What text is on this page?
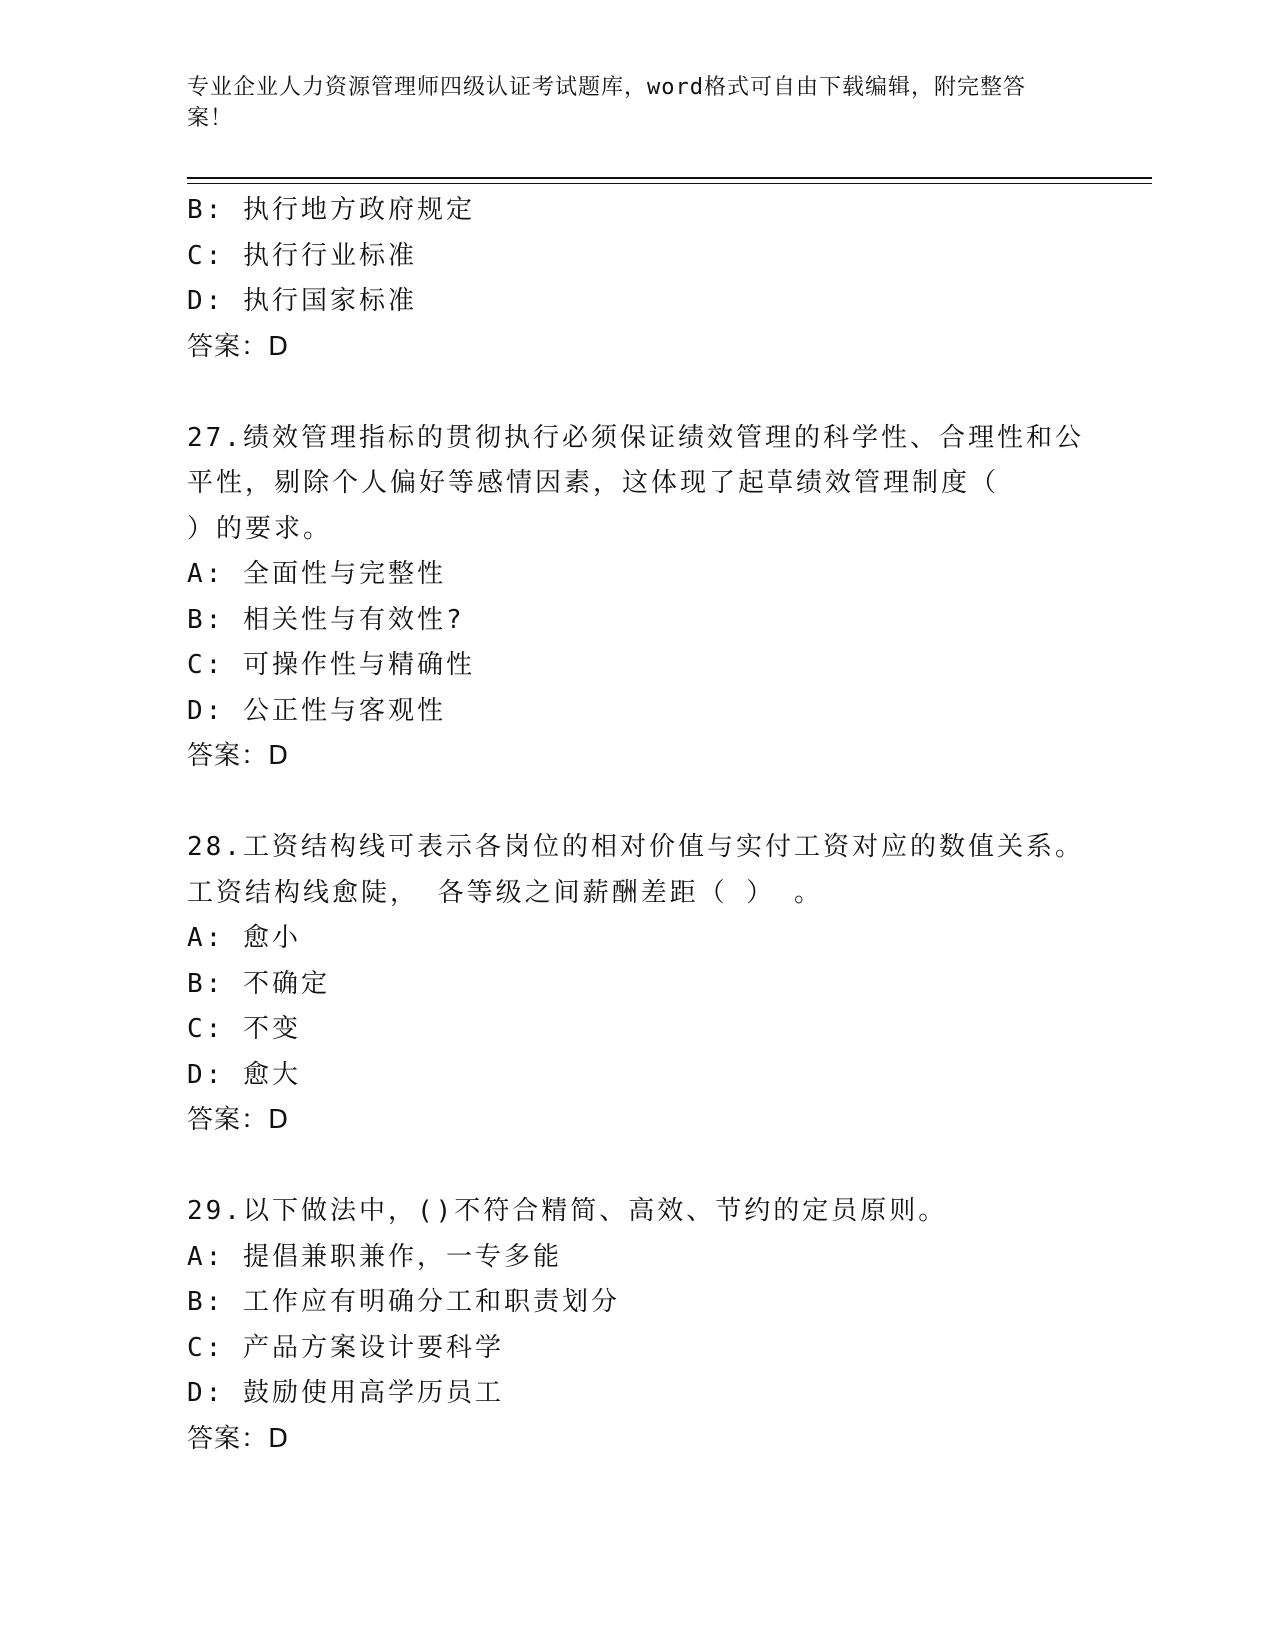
专业企业人力资源管理师四级认证考试题库，word格式可自由下载编辑，附完整答案！
B: 执行地方政府规定
C: 执行行业标准
D: 执行国家标准
答案：D
27.绩效管理指标的贯彻执行必须保证绩效管理的科学性、合理性和公
平性，剔除个人偏好等感情因素，这体现了起草绩效管理制度（
）的要求。
A: 全面性与完整性
B: 相关性与有效性?
C: 可操作性与精确性
D: 公正性与客观性
答案：D
28.工资结构线可表示各岗位的相对价值与实付工资对应的数值关系。
工资结构线愈陡， 各等级之间薪酬差距（ ） 。
A: 愈小
B: 不确定
C: 不变
D: 愈大
答案：D
29.以下做法中，()不符合精简、高效、节约的定员原则。
A: 提倡兼职兼作，一专多能
B: 工作应有明确分工和职责划分
C: 产品方案设计要科学
D: 鼓励使用高学历员工
答案：D
